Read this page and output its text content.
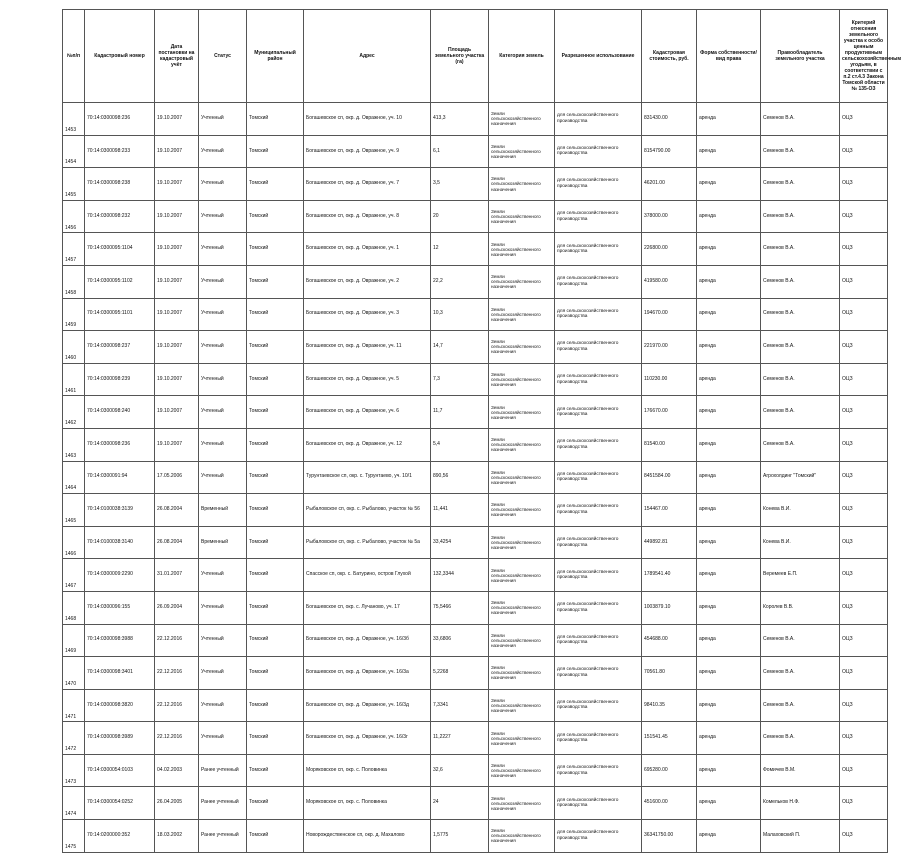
№п/п	Кадастровый номер	Дата постановки на кадастровый учёт	Статус	Муниципальный район	Адрес	Площадь земельного участка (га)	Категория земель	Разрешенное использование	Кадастровая стоимость, руб.	Форма собственности/вид права	Правообладатель земельного участка	Критерий отнесения земельного участка к особо ценным продуктивным сельскохозяйственным угодьям, в соответствии с п.2 ст.4.3 Закона Томской области № 135-ОЗ
1453	70:14:0300098:236	19.10.2007	Учтенный	Томский	Богашевское сп, окр. д. Овражное, уч. 10	413,3	Земли сельскохозяйственного назначения	для сельскохозяйственного производства	831430.00	аренда	Семенов В.А.	ОЦЗ
1454	70:14:0300098:233	19.10.2007	Учтенный	Томский	Богашевское сп, окр. д. Овражное, уч. 9	6,1	Земли сельскохозяйственного назначения	для сельскохозяйственного производства	8154790.00	аренда	Семенов В.А.	ОЦЗ
1455	70:14:0300098:238	19.10.2007	Учтенный	Томский	Богашевское сп, окр. д. Овражное, уч. 7	3,5	Земли сельскохозяйственного назначения	для сельскохозяйственного производства	46201.00	аренда	Семенов В.А.	ОЦЗ
1456	70:14:0300098:232	19.10.2007	Учтенный	Томский	Богашевское сп, окр. д. Овражное, уч. 8	20	Земли сельскохозяйственного назначения	для сельскохозяйственного производства	378000.00	аренда	Семенов В.А.	ОЦЗ
1457	70:14:0300095:1104	19.10.2007	Учтенный	Томский	Богашевское сп, окр. д. Овражное, уч. 1	12	Земли сельскохозяйственного назначения	для сельскохозяйственного производства	226800.00	аренда	Семенов В.А.	ОЦЗ
1458	70:14:0300095:1102	19.10.2007	Учтенный	Томский	Богашевское сп, окр. д. Овражное, уч. 2	22,2	Земли сельскохозяйственного назначения	для сельскохозяйственного производства	419580.00	аренда	Семенов В.А.	ОЦЗ
1459	70:14:0300095:1101	19.10.2007	Учтенный	Томский	Богашевское сп, окр. д. Овражное, уч. 3	10,3	Земли сельскохозяйственного назначения	для сельскохозяйственного производства	194670.00	аренда	Семенов В.А.	ОЦЗ
1460	70:14:0300098:237	19.10.2007	Учтенный	Томский	Богашевское сп, окр. д. Овражное, уч. 11	14,7	Земли сельскохозяйственного назначения	для сельскохозяйственного производства	221970.00	аренда	Семенов В.А.	ОЦЗ
1461	70:14:0300098:239	19.10.2007	Учтенный	Томский	Богашевское сп, окр. д. Овражное, уч. 5	7,3	Земли сельскохозяйственного назначения	для сельскохозяйственного производства	110230.00	аренда	Семенов В.А.	ОЦЗ
1462	70:14:0300098:240	19.10.2007	Учтенный	Томский	Богашевское сп, окр. д. Овражное, уч. 6	11,7	Земли сельскохозяйственного назначения	для сельскохозяйственного производства	176670.00	аренда	Семенов В.А.	ОЦЗ
1463	70:14:0300098:236	19.10.2007	Учтенный	Томский	Богашевское сп, окр. д. Овражное, уч. 12	5,4	Земли сельскохозяйственного назначения	для сельскохозяйственного производства	81540.00	аренда	Семенов В.А.	ОЦЗ
1464	70:14:0300091:94	17.05.2006	Учтенный	Томский	Турунтаевское сп, окр. с. Турунтаево, уч. 10/1	890,56	Земли сельскохозяйственного назначения	для сельскохозяйственного производства	8451584.00	аренда	Агрохолдинг "Томский"	ОЦЗ
1465	70:14:0100038:3139	26.08.2004	Временный	Томский	Рыбаловское сп, окр. с. Рыбалово, участок № 56	11,441	Земли сельскохозяйственного назначения	для сельскохозяйственного производства	154467.00	аренда	Конева В.И.	ОЦЗ
1466	70:14:0100038:3140	26.08.2004	Временный	Томский	Рыбаловское сп, окр. с. Рыбалово, участок № 5а	33,4254	Земли сельскохозяйственного назначения	для сельскохозяйственного производства	449892.81	аренда	Конева В.И.	ОЦЗ
1467	70:14:0300009:2290	31.01.2007	Учтенный	Томский	Спасское сп, окр. с. Батурино, остров Глухой	132,3344	Земли сельскохозяйственного назначения	для сельскохозяйственного производства	1789541.40	аренда	Веремеев Е.П.	ОЦЗ
1468	70:14:0300096:155	26.09.2004	Учтенный	Томский	Богашевское сп, окр. с. Лучаново, уч. 17	75,5466	Земли сельскохозяйственного назначения	для сельскохозяйственного производства	1003879.10	аренда	Королев В.В.	ОЦЗ
1469	70:14:0300098:3988	22.12.2016	Учтенный	Томский	Богашевское сп, окр. д. Овражное, уч. 16/3б	33,6806	Земли сельскохозяйственного назначения	для сельскохозяйственного производства	454688.00	аренда	Семенов В.А.	ОЦЗ
1470	70:14:0300098:3401	22.12.2016	Учтенный	Томский	Богашевское сп, окр. д. Овражное, уч. 16/3а	5,2268	Земли сельскохозяйственного назначения	для сельскохозяйственного производства	70561.80	аренда	Семенов В.А.	ОЦЗ
1471	70:14:0300098:3820	22.12.2016	Учтенный	Томский	Богашевское сп, окр. д. Овражное, уч. 16/3д	7,3341	Земли сельскохозяйственного назначения	для сельскохозяйственного производства	98410.35	аренда	Семенов В.А.	ОЦЗ
1472	70:14:0300098:3989	22.12.2016	Учтенный	Томский	Богашевское сп, окр. д. Овражное, уч. 16/3г	11,2227	Земли сельскохозяйственного назначения	для сельскохозяйственного производства	151541.45	аренда	Семенов В.А.	ОЦЗ
1473	70:14:0300054:0103	04.02.2003	Ранее учтенный	Томский	Моряковское сп, окр. с. Половинка	32,6	Земли сельскохозяйственного назначения	для сельскохозяйственного производства	695280.00	аренда	Фомичев В.М.	ОЦЗ
1474	70:14:0300054:0252	26.04.2005	Ранее учтенный	Томский	Моряковское сп, окр. с. Половинка	24	Земли сельскохозяйственного назначения	для сельскохозяйственного производства	451600.00	аренда	Комельков Н.Ф.	ОЦЗ
1475	70:14:0200000:352	18.03.2002	Ранее учтенный	Томский	Новорождественское сп, окр. д. Махалово	1,5775	Земли сельскохозяйственного назначения	для сельскохозяйственного производства	36341750.00	аренда	Малаховский П.	ОЦЗ
